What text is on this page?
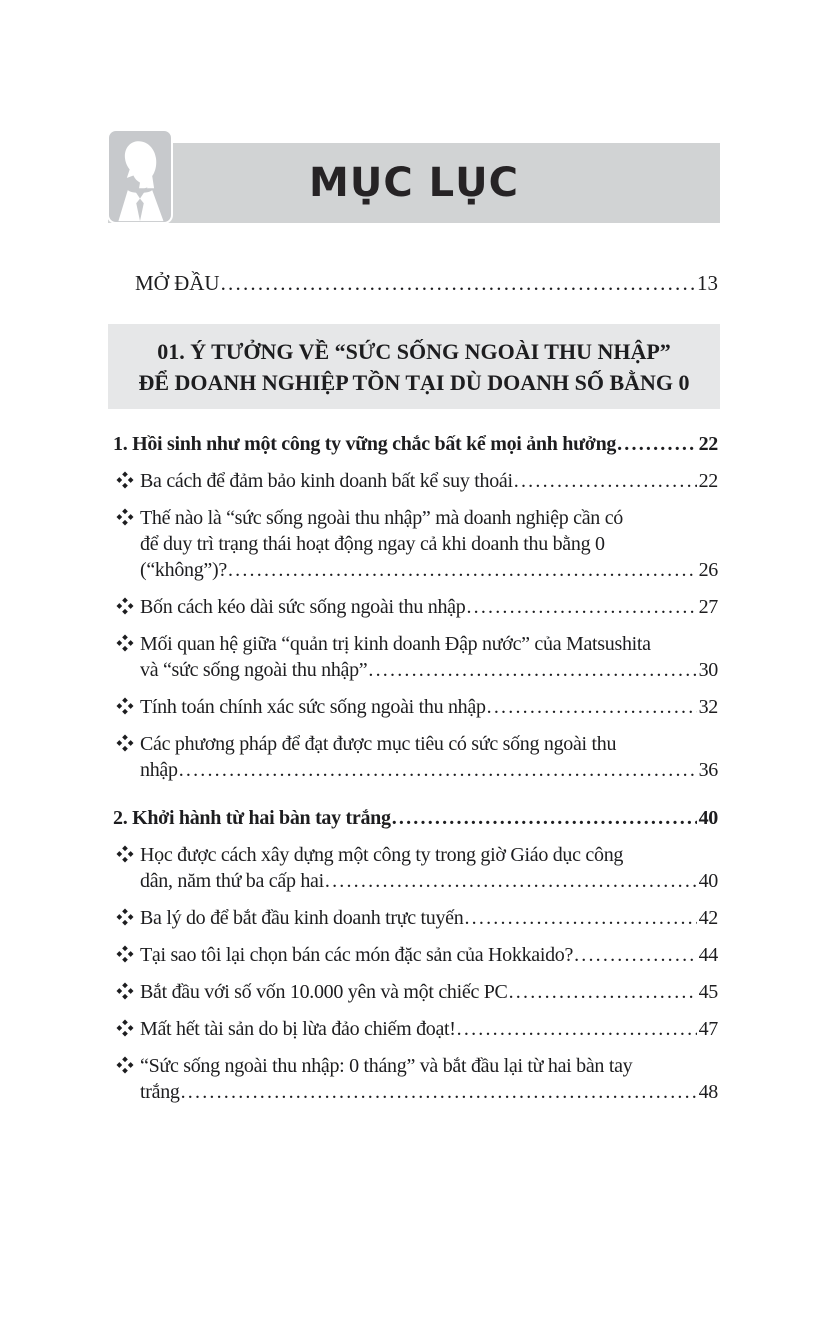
MỤC LỤC
MỞ ĐẦU .....	13
01. Ý TƯỞNG VỀ “SỨC SỐNG NGOÀI THU NHẬP”
ĐỂ DOANH NGHIỆP TỒN TẠI DÙ DOANH SỐ BẰNG 0
1. Hồi sinh như một công ty vững chắc bất kể mọi ảnh hưởng .....	22
Ba cách để đảm bảo kinh doanh bất kể suy thoái .....	22
Thế nào là “sức sống ngoài thu nhập” mà doanh nghiệp cần có
để duy trì trạng thái hoạt động ngay cả khi doanh thu bằng 0
(“không”)? .....	26
Bốn cách kéo dài sức sống ngoài thu nhập .....	27
Mối quan hệ giữa “quản trị kinh doanh Đập nước” của Matsushita
và “sức sống ngoài thu nhập” .....	30
Tính toán chính xác sức sống ngoài thu nhập .....	32
Các phương pháp để đạt được mục tiêu có sức sống ngoài thu
nhập .....	36
2. Khởi hành từ hai bàn tay trắng .....	40
Học được cách xây dựng một công ty trong giờ Giáo dục công
dân, năm thứ ba cấp hai .....	40
Ba lý do để bắt đầu kinh doanh trực tuyến .....	42
Tại sao tôi lại chọn bán các món đặc sản của Hokkaido? .....	44
Bắt đầu với số vốn 10.000 yên và một chiếc PC .....	45
Mất hết tài sản do bị lừa đảo chiếm đoạt! .....	47
“Sức sống ngoài thu nhập: 0 tháng” và bắt đầu lại từ hai bàn tay
trắng .....	48
